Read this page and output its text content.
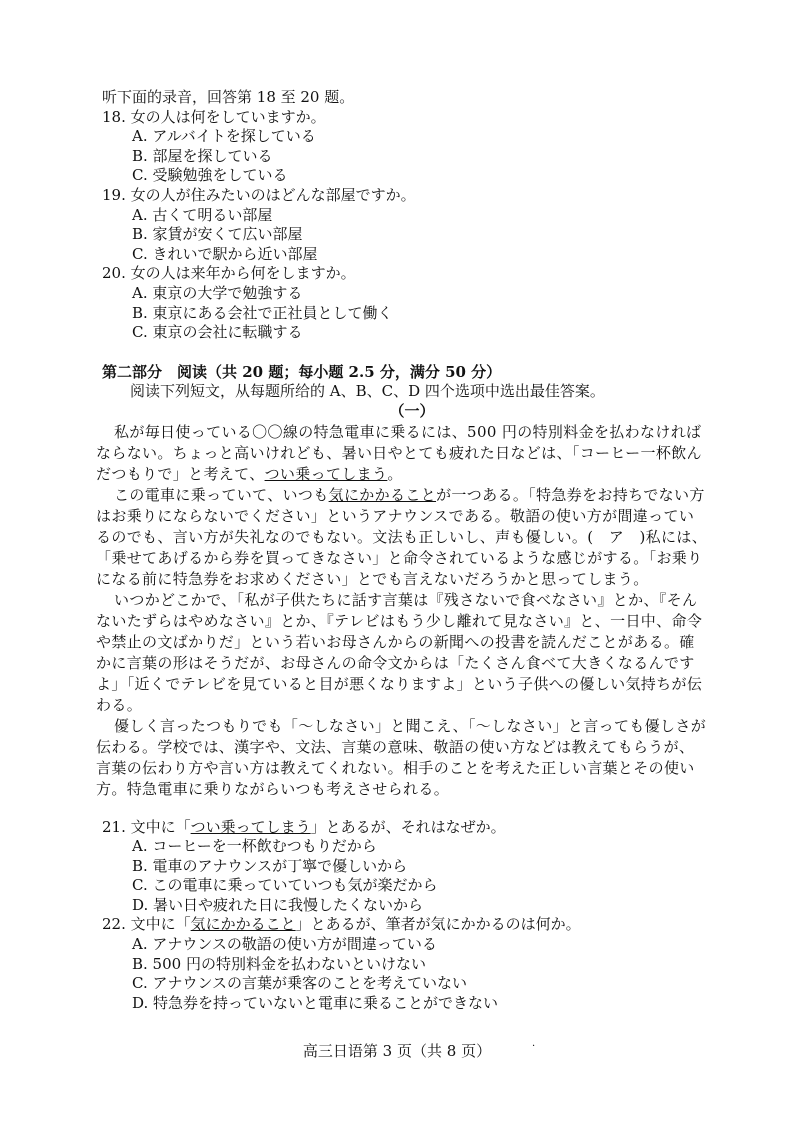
听下面的录音，回答第 18 至 20 题。
18. 女の人は何をしていますか。
A. アルバイトを探している
B. 部屋を探している
C. 受験勉強をしている
19. 女の人が住みたいのはどんな部屋ですか。
A. 古くて明るい部屋
B. 家賃が安くて広い部屋
C. きれいで駅から近い部屋
20. 女の人は来年から何をしますか。
A. 東京の大学で勉強する
B. 東京にある会社で正社員として働く
C. 東京の会社に転職する
第二部分　阅读（共 20 题；每小题 2.5 分，满分 50 分）
阅读下列短文，从每题所给的 A、B、C、D 四个选项中选出最佳答案。
（一）
私が毎日使っている〇〇線の特急電車に乗るには、500 円の特別料金を払わなければならない。ちょっと高いけれども、暑い日やとても疲れた日などは、「コーヒー一杯飲んだつもりで」と考えて、つい乗ってしまう。
この電車に乗っていて、いつも気にかかることが一つある。「特急券をお持ちでない方はお乗りにならないでください」というアナウンスである。敬語の使い方が間違っているのでも、言い方が失礼なのでもない。文法も正しいし、声も優しい。(　ア　)私には、「乗せてあげるから券を買ってきなさい」と命令されているような感じがする。「お乗りになる前に特急券をお求めください」とでも言えないだろうかと思ってしまう。
いつかどこかで、「私が子供たちに話す言葉は『残さないで食べなさい』とか、『そんないたずらはやめなさい』とか、『テレビはもう少し離れて見なさい』と、一日中、命令や禁止の文ばかりだ」という若いお母さんからの新聞への投書を読んだことがある。確かに言葉の形はそうだが、お母さんの命令文からは「たくさん食べて大きくなるんですよ」「近くでテレビを見ていると目が悪くなりますよ」という子供への優しい気持ちが伝わる。
優しく言ったつもりでも「～しなさい」と聞こえ、「～しなさい」と言っても優しさが伝わる。学校では、漢字や、文法、言葉の意味、敬語の使い方などは教えてもらうが、言葉の伝わり方や言い方は教えてくれない。相手のことを考えた正しい言葉とその使い方。特急電車に乗りながらいつも考えさせられる。
21. 文中に「つい乗ってしまう」とあるが、それはなぜか。
A. コーヒーを一杯飲むつもりだから
B. 電車のアナウンスが丁寧で優しいから
C. この電車に乗っていていつも気が楽だから
D. 暑い日や疲れた日に我慢したくないから
22. 文中に「気にかかること」とあるが、筆者が気にかかるのは何か。
A. アナウンスの敬語の使い方が間違っている
B. 500 円の特別料金を払わないといけない
C. アナウンスの言葉が乗客のことを考えていない
D. 特急券を持っていないと電車に乗ることができない
高三日语第 3 页（共 8 页）	·
